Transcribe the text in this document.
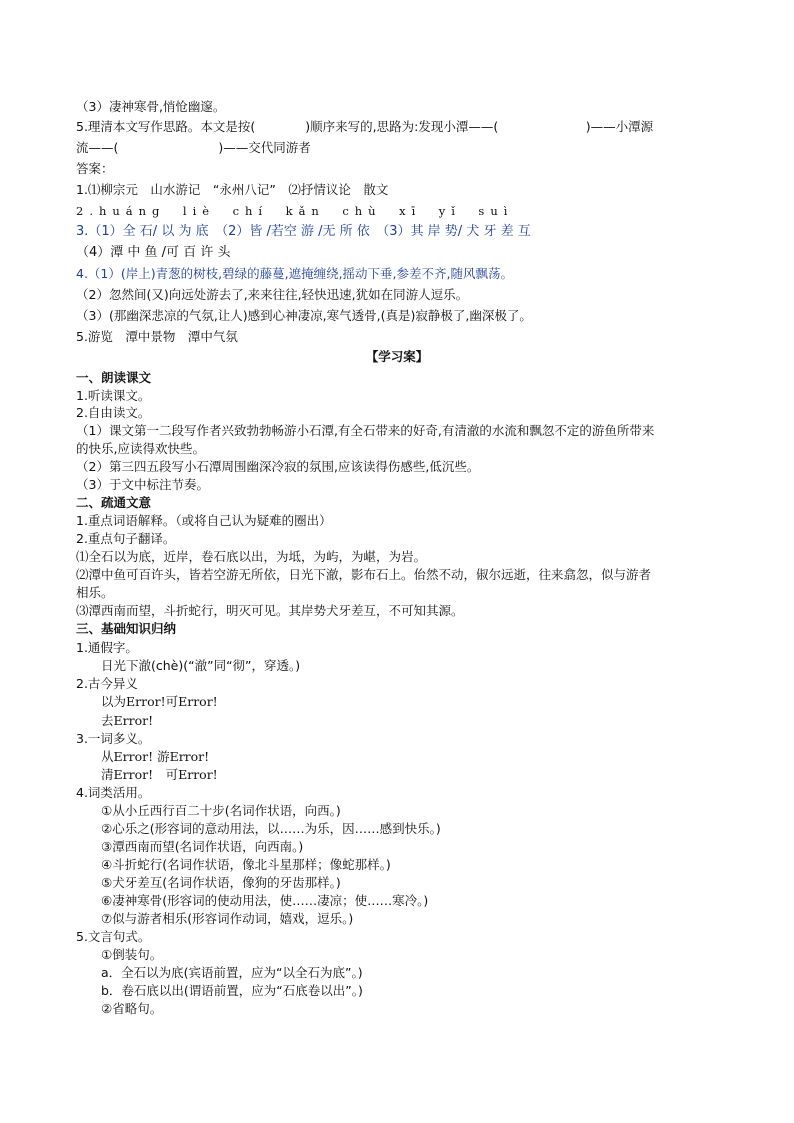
（3）凄神寒骨,悄怆幽邃。
5.理清本文写作思路。本文是按(　　　　)顺序来写的,思路为:发现小潭——(　　　　　　　)——小潭源
流——(　　　　　　　　)——交代同游者
答案：
1.⑴柳宗元　山水游记　“永州八记”　⑵抒情议论　散文
2.huáng　liè　chí　kǎn　chù　xī　yǐ　suì
3.（1）全 石/ 以 为 底　（2）皆 /若空 游 /无 所 依　（3）其 岸 势/ 犬 牙 差 互
（4）潭 中 鱼 /可 百 许 头
4.（1）(岸上)青葱的树枝,碧绿的藤蔓,遮掩缠绕,摇动下垂,参差不齐,随风飘荡。
（2）忽然间(又)向远处游去了,来来往往,轻快迅速,犹如在同游人逗乐。
（3）(那幽深悲凉的气氛,让人)感到心神凄凉,寒气透骨,(真是)寂静极了,幽深极了。
5.游览　潭中景物　潭中气氛
【学习案】
一、朗读课文
1.听读课文。
2.自由读文。
（1）课文第一二段写作者兴致勃勃畅游小石潭,有全石带来的好奇,有清澈的水流和飘忽不定的游鱼所带来
的快乐,应读得欢快些。
（2）第三四五段写小石潭周围幽深冷寂的氛围,应该读得伤感些,低沉些。
（3）于文中标注节奏。
二、疏通文意
1.重点词语解释。（或将自己认为疑难的圈出）
2.重点句子翻译。
⑴全石以为底，近岸，卷石底以出，为坻，为屿，为嵁，为岩。
⑵潭中鱼可百许头，皆若空游无所依，日光下澈，影布石上。佁然不动，俶尔远逝，往来翕忽，似与游者
相乐。
⑶潭西南而望，斗折蛇行，明灭可见。其岸势犬牙差互，不可知其源。
三、基础知识归纳
1.通假字。
日光下澈(chè)(“澈”同“彻”，穿透。)
2.古今异义
以为Error!可Error!
去Error!
3.一词多义。
从Error! 游Error!
清Error!　可Error!
4.词类活用。
①从小丘西行百二十步(名词作状语，向西。)
②心乐之(形容词的意动用法，以……为乐，因……感到快乐。)
③潭西南而望(名词作状语，向西南。)
④斗折蛇行(名词作状语，像北斗星那样；像蛇那样。)
⑤犬牙差互(名词作状语，像狗的牙齿那样。)
⑥凄神寒骨(形容词的使动用法，使……凄凉；使……寒冷。)
⑦似与游者相乐(形容词作动词，嬉戏，逗乐。)
5.文言句式。
①倒装句。
a．全石以为底(宾语前置，应为“以全石为底”。)
b．卷石底以出(谓语前置，应为“石底卷以出”。)
②省略句。
